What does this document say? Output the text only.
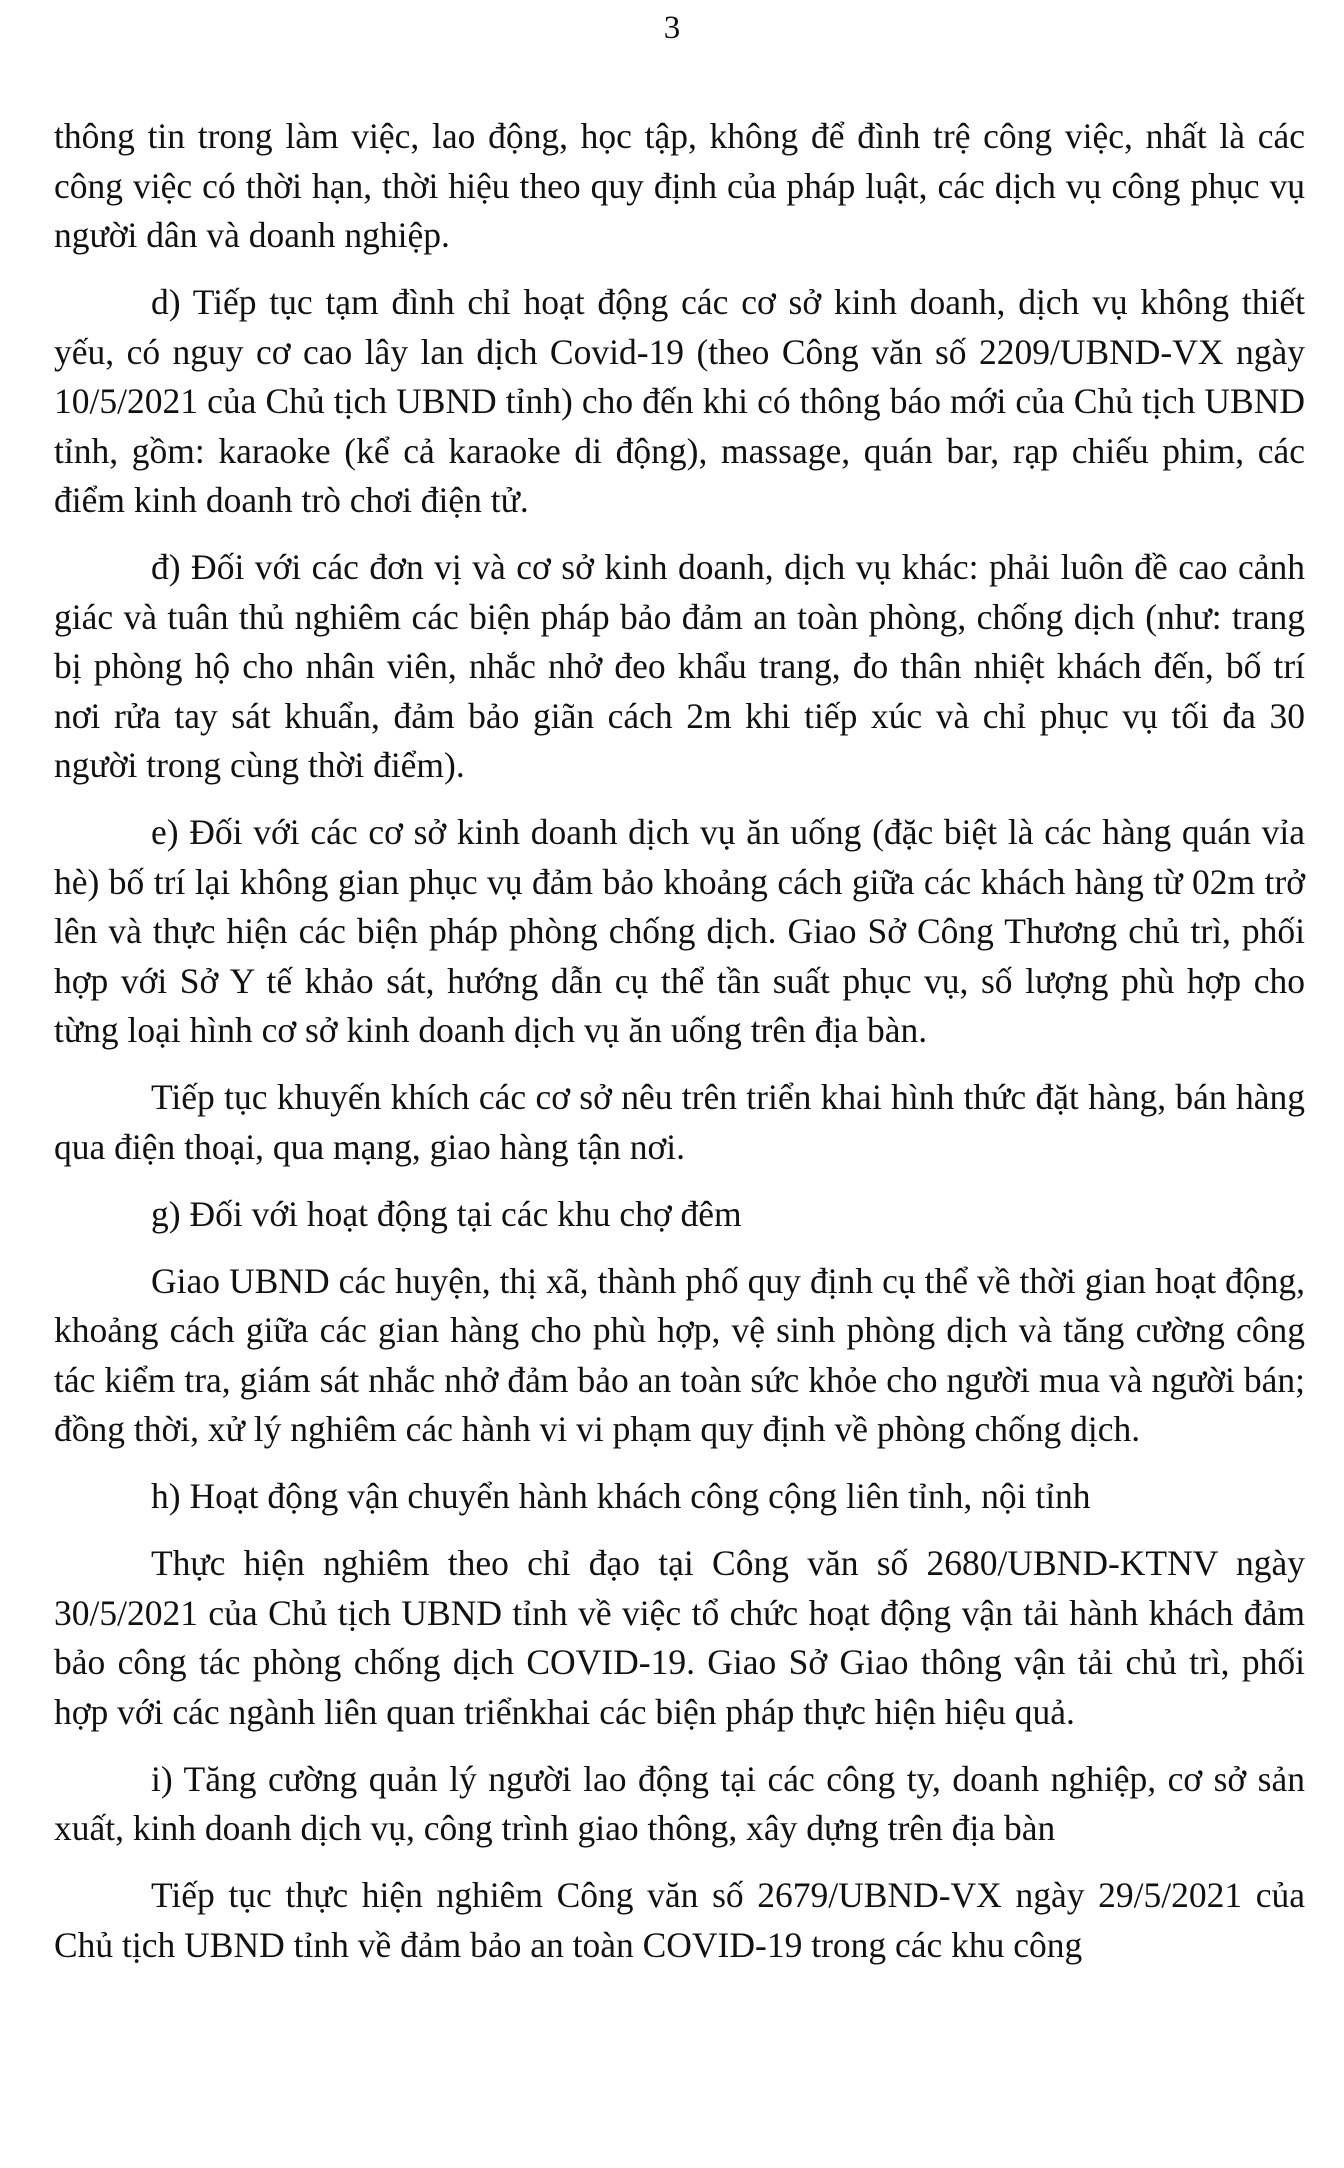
3

thông tin trong làm việc, lao động, học tập, không để đình trệ công việc, nhất là các công việc có thời hạn, thời hiệu theo quy định của pháp luật, các dịch vụ công phục vụ người dân và doanh nghiệp.

d) Tiếp tục tạm đình chỉ hoạt động các cơ sở kinh doanh, dịch vụ không thiết yếu, có nguy cơ cao lây lan dịch Covid-19 (theo Công văn số 2209/UBND-VX ngày 10/5/2021 của Chủ tịch UBND tỉnh) cho đến khi có thông báo mới của Chủ tịch UBND tỉnh, gồm: karaoke (kể cả karaoke di động), massage, quán bar, rạp chiếu phim, các điểm kinh doanh trò chơi điện tử.

đ) Đối với các đơn vị và cơ sở kinh doanh, dịch vụ khác: phải luôn đề cao cảnh giác và tuân thủ nghiêm các biện pháp bảo đảm an toàn phòng, chống dịch (như: trang bị phòng hộ cho nhân viên, nhắc nhở đeo khẩu trang, đo thân nhiệt khách đến, bố trí nơi rửa tay sát khuẩn, đảm bảo giãn cách 2m khi tiếp xúc và chỉ phục vụ tối đa 30 người trong cùng thời điểm).

e) Đối với các cơ sở kinh doanh dịch vụ ăn uống (đặc biệt là các hàng quán vỉa hè) bố trí lại không gian phục vụ đảm bảo khoảng cách giữa các khách hàng từ 02m trở lên và thực hiện các biện pháp phòng chống dịch. Giao Sở Công Thương chủ trì, phối hợp với Sở Y tế khảo sát, hướng dẫn cụ thể tần suất phục vụ, số lượng phù hợp cho từng loại hình cơ sở kinh doanh dịch vụ ăn uống trên địa bàn.

Tiếp tục khuyến khích các cơ sở nêu trên triển khai hình thức đặt hàng, bán hàng qua điện thoại, qua mạng, giao hàng tận nơi.

g) Đối với hoạt động tại các khu chợ đêm

Giao UBND các huyện, thị xã, thành phố quy định cụ thể về thời gian hoạt động, khoảng cách giữa các gian hàng cho phù hợp, vệ sinh phòng dịch và tăng cường công tác kiểm tra, giám sát nhắc nhở đảm bảo an toàn sức khỏe cho người mua và người bán; đồng thời, xử lý nghiêm các hành vi vi phạm quy định về phòng chống dịch.

h) Hoạt động vận chuyển hành khách công cộng liên tỉnh, nội tỉnh

Thực hiện nghiêm theo chỉ đạo tại Công văn số 2680/UBND-KTNV ngày 30/5/2021 của Chủ tịch UBND tỉnh về việc tổ chức hoạt động vận tải hành khách đảm bảo công tác phòng chống dịch COVID-19. Giao Sở Giao thông vận tải chủ trì, phối hợp với các ngành liên quan triểnkhai các biện pháp thực hiện hiệu quả.

i) Tăng cường quản lý người lao động tại các công ty, doanh nghiệp, cơ sở sản xuất, kinh doanh dịch vụ, công trình giao thông, xây dựng trên địa bàn

Tiếp tục thực hiện nghiêm Công văn số 2679/UBND-VX ngày 29/5/2021 của Chủ tịch UBND tỉnh về đảm bảo an toàn COVID-19 trong các khu công
